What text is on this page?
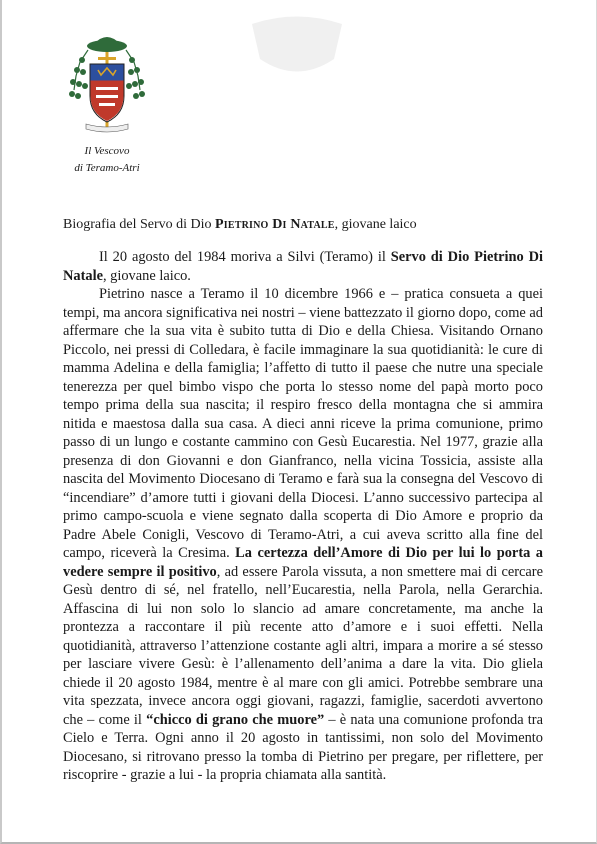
Il Vescovo
di Teramo-Atri
Biografia del Servo di Dio Pietrino Di Natale, giovane laico

Il 20 agosto del 1984 moriva a Silvi (Teramo) il Servo di Dio Pietrino Di Natale, giovane laico.

Pietrino nasce a Teramo il 10 dicembre 1966 e – pratica consueta a quei tempi, ma ancora significativa nei nostri – viene battezzato il giorno dopo, come ad affermare che la sua vita è subito tutta di Dio e della Chiesa. Visitando Ornano Piccolo, nei pressi di Colledara, è facile immaginare la sua quotidianità: le cure di mamma Adelina e della famiglia; l’affetto di tutto il paese che nutre una speciale tenerezza per quel bimbo vispo che porta lo stesso nome del papà morto poco tempo prima della sua nascita; il respiro fresco della montagna che si ammira nitida e maestosa dalla sua casa. A dieci anni riceve la prima comunione, primo passo di un lungo e costante cammino con Gesù Eucarestia. Nel 1977, grazie alla presenza di don Giovanni e don Gianfranco, nella vicina Tossicia, assiste alla nascita del Movimento Diocesano di Teramo e farà sua la consegna del Vescovo di “incendiare” d’amore tutti i giovani della Diocesi. L’anno successivo partecipa al primo campo-scuola e viene segnato dalla scoperta di Dio Amore e proprio da Padre Abele Conigli, Vescovo di Teramo-Atri, a cui aveva scritto alla fine del campo, riceverà la Cresima. La certezza dell’Amore di Dio per lui lo porta a vedere sempre il positivo, ad essere Parola vissuta, a non smettere mai di cercare Gesù dentro di sé, nel fratello, nell’Eucarestia, nella Parola, nella Gerarchia. Affascina di lui non solo lo slancio ad amare concretamente, ma anche la prontezza a raccontare il più recente atto d’amore e i suoi effetti. Nella quotidianità, attraverso l’attenzione costante agli altri, impara a morire a sé stesso per lasciare vivere Gesù: è l’allenamento dell’anima a dare la vita. Dio gliela chiede il 20 agosto 1984, mentre è al mare con gli amici. Potrebbe sembrare una vita spezzata, invece ancora oggi giovani, ragazzi, famiglie, sacerdoti avvertono che – come il “chicco di grano che muore” – è nata una comunione profonda tra Cielo e Terra. Ogni anno il 20 agosto in tantissimi, non solo del Movimento Diocesano, si ritrovano presso la tomba di Pietrino per pregare, per riflettere, per riscoprire - grazie a lui - la propria chiamata alla santità.
